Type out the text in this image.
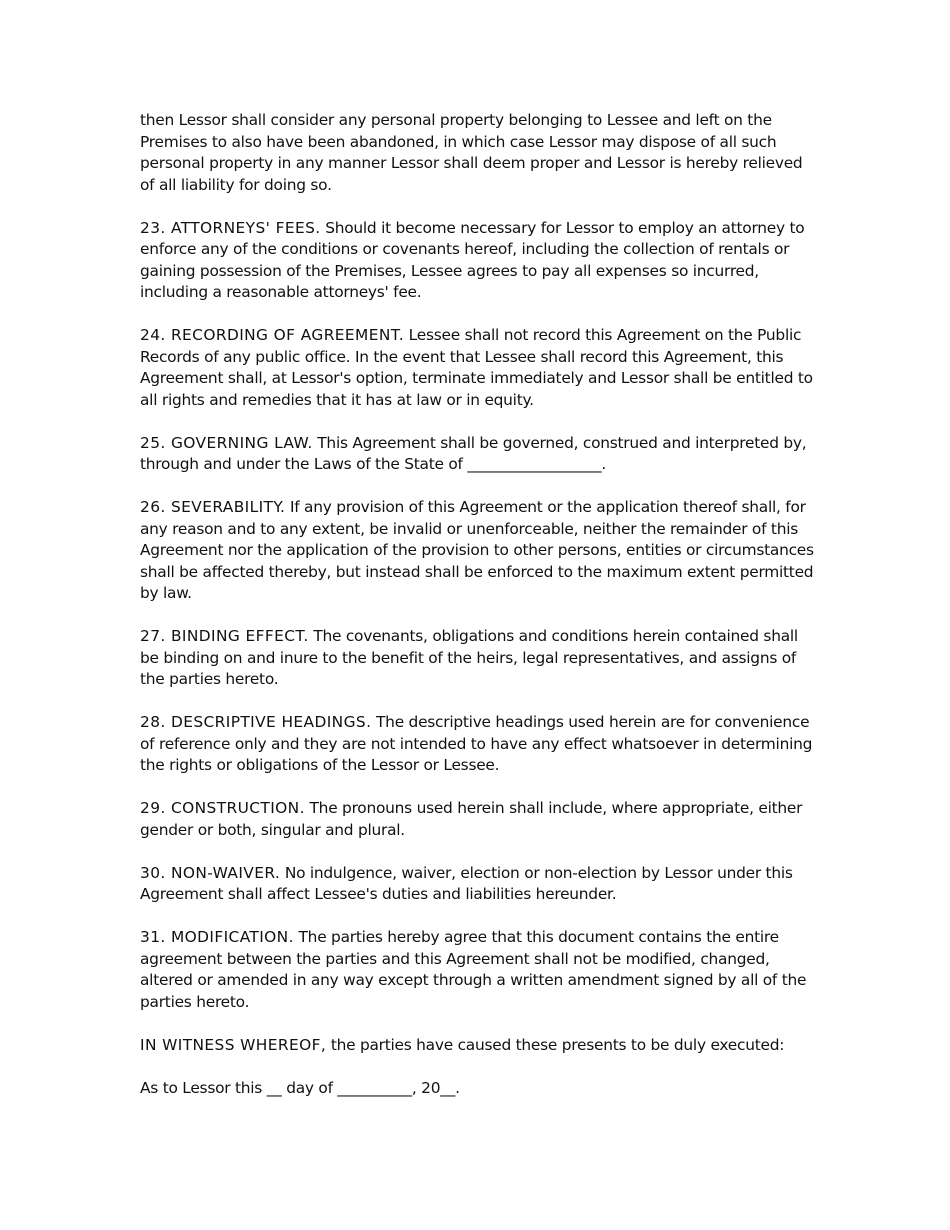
then Lessor shall consider any personal property belonging to Lessee and left on the Premises to also have been abandoned, in which case Lessor may dispose of all such personal property in any manner Lessor shall deem proper and Lessor is hereby relieved of all liability for doing so.

23. ATTORNEYS' FEES. Should it become necessary for Lessor to employ an attorney to enforce any of the conditions or covenants hereof, including the collection of rentals or gaining possession of the Premises, Lessee agrees to pay all expenses so incurred, including a reasonable attorneys' fee.

24. RECORDING OF AGREEMENT. Lessee shall not record this Agreement on the Public Records of any public office. In the event that Lessee shall record this Agreement, this Agreement shall, at Lessor's option, terminate immediately and Lessor shall be entitled to all rights and remedies that it has at law or in equity.

25. GOVERNING LAW. This Agreement shall be governed, construed and interpreted by, through and under the Laws of the State of __________________.

26. SEVERABILITY. If any provision of this Agreement or the application thereof shall, for any reason and to any extent, be invalid or unenforceable, neither the remainder of this Agreement nor the application of the provision to other persons, entities or circumstances shall be affected thereby, but instead shall be enforced to the maximum extent permitted by law.

27. BINDING EFFECT. The covenants, obligations and conditions herein contained shall be binding on and inure to the benefit of the heirs, legal representatives, and assigns of the parties hereto.

28. DESCRIPTIVE HEADINGS. The descriptive headings used herein are for convenience of reference only and they are not intended to have any effect whatsoever in determining the rights or obligations of the Lessor or Lessee.

29. CONSTRUCTION. The pronouns used herein shall include, where appropriate, either gender or both, singular and plural.

30. NON-WAIVER. No indulgence, waiver, election or non-election by Lessor under this Agreement shall affect Lessee's duties and liabilities hereunder.

31. MODIFICATION. The parties hereby agree that this document contains the entire agreement between the parties and this Agreement shall not be modified, changed, altered or amended in any way except through a written amendment signed by all of the parties hereto.

IN WITNESS WHEREOF, the parties have caused these presents to be duly executed:

As to Lessor this __ day of __________, 20__.
